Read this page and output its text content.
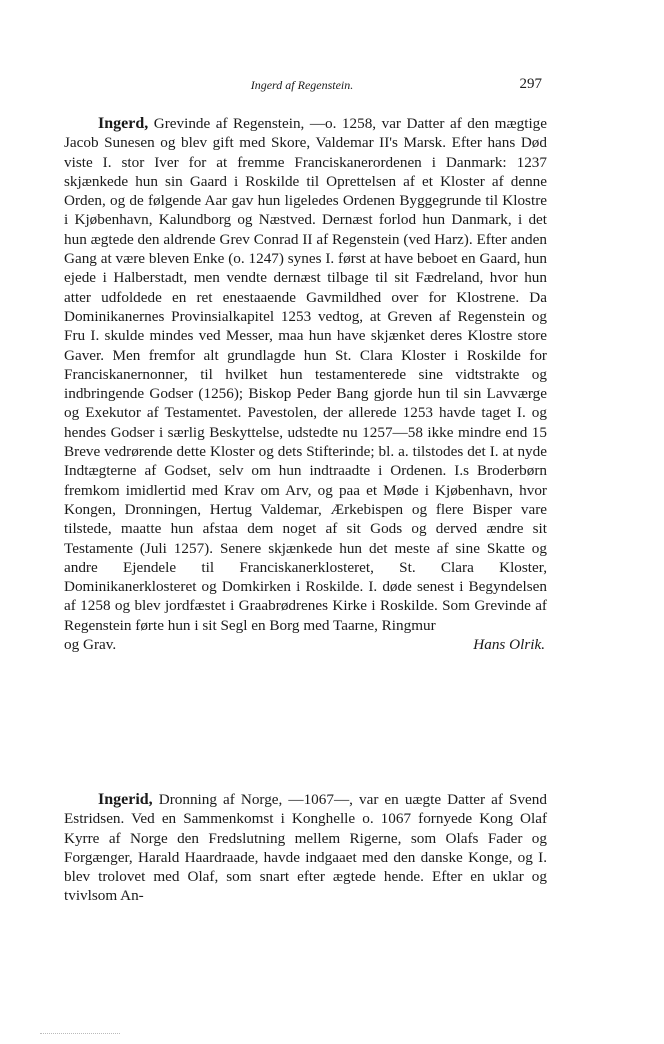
Ingerd af Regenstein.	297

Ingerd, Grevinde af Regenstein, —o. 1258, var Datter af den mægtige Jacob Sunesen og blev gift med Skore, Valdemar II's Marsk. Efter hans Død viste I. stor Iver for at fremme Franciskanerordenen i Danmark: 1237 skjænkede hun sin Gaard i Roskilde til Oprettelsen af et Kloster af denne Orden, og de følgende Aar gav hun ligeledes Ordenen Byggegrunde til Klostre i Kjøbenhavn, Kalundborg og Næstved. Dernæst forlod hun Danmark, i det hun ægtede den aldrende Grev Conrad II af Regenstein (ved Harz). Efter anden Gang at være bleven Enke (o. 1247) synes I. først at have beboet en Gaard, hun ejede i Halberstadt, men vendte dernæst tilbage til sit Fædreland, hvor hun atter udfoldede en ret enestaaende Gavmildhed over for Klostrene. Da Dominikanernes Provinsialkapitel 1253 vedtog, at Greven af Regenstein og Fru I. skulde mindes ved Messer, maa hun have skjænket deres Klostre store Gaver. Men fremfor alt grundlagde hun St. Clara Kloster i Roskilde for Franciskanernonner, til hvilket hun testamenterede sine vidtstrakte og indbringende Godser (1256); Biskop Peder Bang gjorde hun til sin Lavværge og Exekutor af Testamentet. Pavestolen, der allerede 1253 havde taget I. og hendes Godser i særlig Beskyttelse, udstedte nu 1257—58 ikke mindre end 15 Breve vedrørende dette Kloster og dets Stifterinde; bl. a. tilstodes det I. at nyde Indtægterne af Godset, selv om hun indtraadte i Ordenen. I.s Broderbørn fremkom imidlertid med Krav om Arv, og paa et Møde i Kjøbenhavn, hvor Kongen, Dronningen, Hertug Valdemar, Ærkebispen og flere Bisper vare tilstede, maatte hun afstaa dem noget af sit Gods og derved ændre sit Testamente (Juli 1257). Senere skjænkede hun det meste af sine Skatte og andre Ejendele til Franciskanerklosteret, St. Clara Kloster, Dominikanerklosteret og Domkirken i Roskilde. I. døde senest i Begyndelsen af 1258 og blev jordfæstet i Graabrødrenes Kirke i Roskilde. Som Grevinde af Regenstein førte hun i sit Segl en Borg med Taarne, Ringmur

og Grav.	Hans Olrik.

Ingerid, Dronning af Norge, —1067—, var en uægte Datter af Svend Estridsen. Ved en Sammenkomst i Konghelle o. 1067 fornyede Kong Olaf Kyrre af Norge den Fredslutning mellem Rigerne, som Olafs Fader og Forgænger, Harald Haardraade, havde indgaaet med den danske Konge, og I. blev trolovet med Olaf, som snart efter ægtede hende. Efter en uklar og tvivlsom An-
